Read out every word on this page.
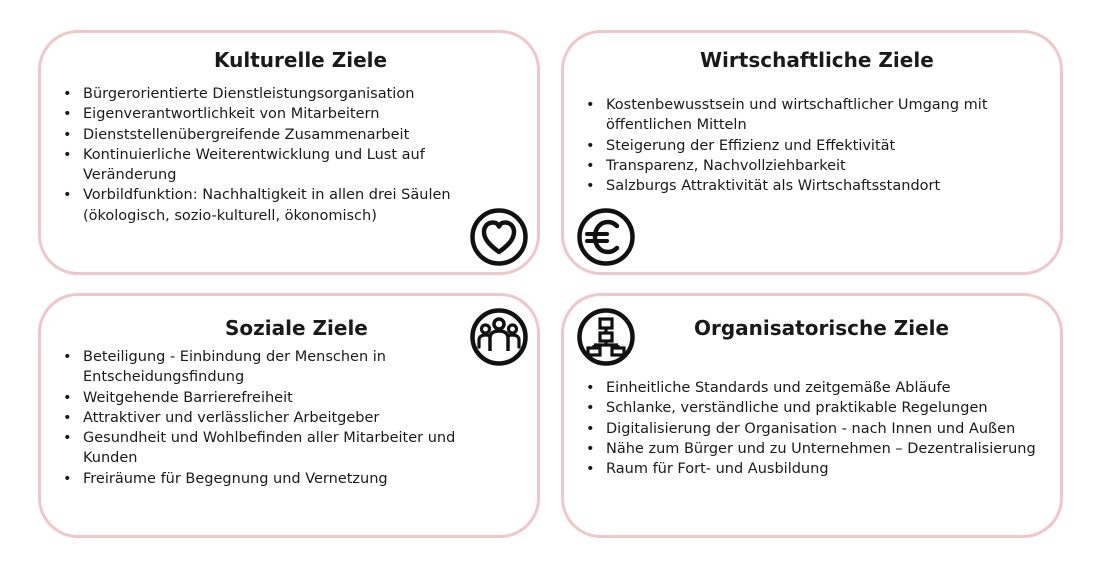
Kulturelle Ziele
• Bürgerorientierte Dienstleistungsorganisation
• Eigenverantwortlichkeit von Mitarbeitern
• Dienststellenübergreifende Zusammenarbeit
• Kontinuierliche Weiterentwicklung und Lust auf Veränderung
• Vorbildfunktion: Nachhaltigkeit in allen drei Säulen (ökologisch, sozio-kulturell, ökonomisch)
Wirtschaftliche Ziele
• Kostenbewusstsein und wirtschaftlicher Umgang mit öffentlichen Mitteln
• Steigerung der Effizienz und Effektivität
• Transparenz, Nachvollziehbarkeit
• Salzburgs Attraktivität als Wirtschaftsstandort
Soziale Ziele
• Beteiligung - Einbindung der Menschen in Entscheidungsfindung
• Weitgehende Barrierefreiheit
• Attraktiver und verlässlicher Arbeitgeber
• Gesundheit und Wohlbefinden aller Mitarbeiter und Kunden
• Freiräume für Begegnung und Vernetzung
Organisatorische Ziele
• Einheitliche Standards und zeitgemäße Abläufe
• Schlanke, verständliche und praktikable Regelungen
• Digitalisierung der Organisation - nach Innen und Außen
• Nähe zum Bürger und zu Unternehmen – Dezentralisierung
• Raum für Fort- und Ausbildung
